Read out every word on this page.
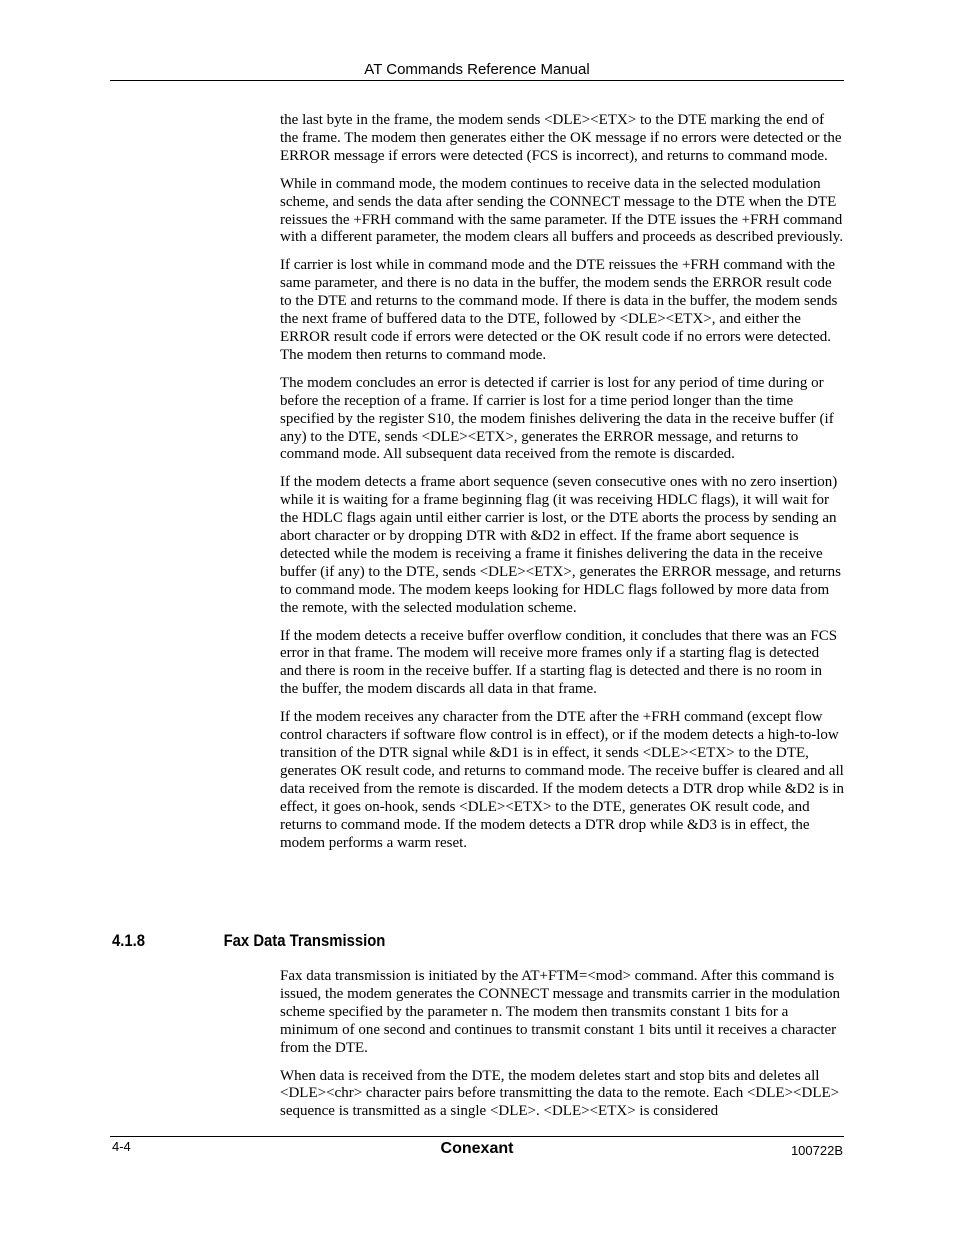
AT Commands Reference Manual

the last byte in the frame, the modem sends <DLE><ETX> to the DTE marking the end of the frame. The modem then generates either the OK message if no errors were detected or the ERROR message if errors were detected (FCS is incorrect), and returns to command mode.

While in command mode, the modem continues to receive data in the selected modulation scheme, and sends the data after sending the CONNECT message to the DTE when the DTE reissues the +FRH command with the same parameter. If the DTE issues the +FRH command with a different parameter, the modem clears all buffers and proceeds as described previously.

If carrier is lost while in command mode and the DTE reissues the +FRH command with the same parameter, and there is no data in the buffer, the modem sends the ERROR result code to the DTE and returns to the command mode. If there is data in the buffer, the modem sends the next frame of buffered data to the DTE, followed by <DLE><ETX>, and either the ERROR result code if errors were detected or the OK result code if no errors were detected. The modem then returns to command mode.

The modem concludes an error is detected if carrier is lost for any period of time during or before the reception of a frame. If carrier is lost for a time period longer than the time specified by the register S10, the modem finishes delivering the data in the receive buffer (if any) to the DTE, sends <DLE><ETX>, generates the ERROR message, and returns to command mode. All subsequent data received from the remote is discarded.

If the modem detects a frame abort sequence (seven consecutive ones with no zero insertion) while it is waiting for a frame beginning flag (it was receiving HDLC flags), it will wait for the HDLC flags again until either carrier is lost, or the DTE aborts the process by sending an abort character or by dropping DTR with &D2 in effect. If the frame abort sequence is detected while the modem is receiving a frame it finishes delivering the data in the receive buffer (if any) to the DTE, sends <DLE><ETX>, generates the ERROR message, and returns to command mode. The modem keeps looking for HDLC flags followed by more data from the remote, with the selected modulation scheme.

If the modem detects a receive buffer overflow condition, it concludes that there was an FCS error in that frame. The modem will receive more frames only if a starting flag is detected and there is room in the receive buffer. If a starting flag is detected and there is no room in the buffer, the modem discards all data in that frame.

If the modem receives any character from the DTE after the +FRH command (except flow control characters if software flow control is in effect), or if the modem detects a high-to-low transition of the DTR signal while &D1 is in effect, it sends <DLE><ETX> to the DTE, generates OK result code, and returns to command mode. The receive buffer is cleared and all data received from the remote is discarded. If the modem detects a DTR drop while &D2 is in effect, it goes on-hook, sends <DLE><ETX> to the DTE, generates OK result code, and returns to command mode. If the modem detects a DTR drop while &D3 is in effect, the modem performs a warm reset.

4.1.8	Fax Data Transmission

Fax data transmission is initiated by the AT+FTM=<mod> command. After this command is issued, the modem generates the CONNECT message and transmits carrier in the modulation scheme specified by the parameter n. The modem then transmits constant 1 bits for a minimum of one second and continues to transmit constant 1 bits until it receives a character from the DTE.

When data is received from the DTE, the modem deletes start and stop bits and deletes all <DLE><chr> character pairs before transmitting the data to the remote. Each <DLE><DLE> sequence is transmitted as a single <DLE>. <DLE><ETX> is considered

4-4	Conexant	100722B
